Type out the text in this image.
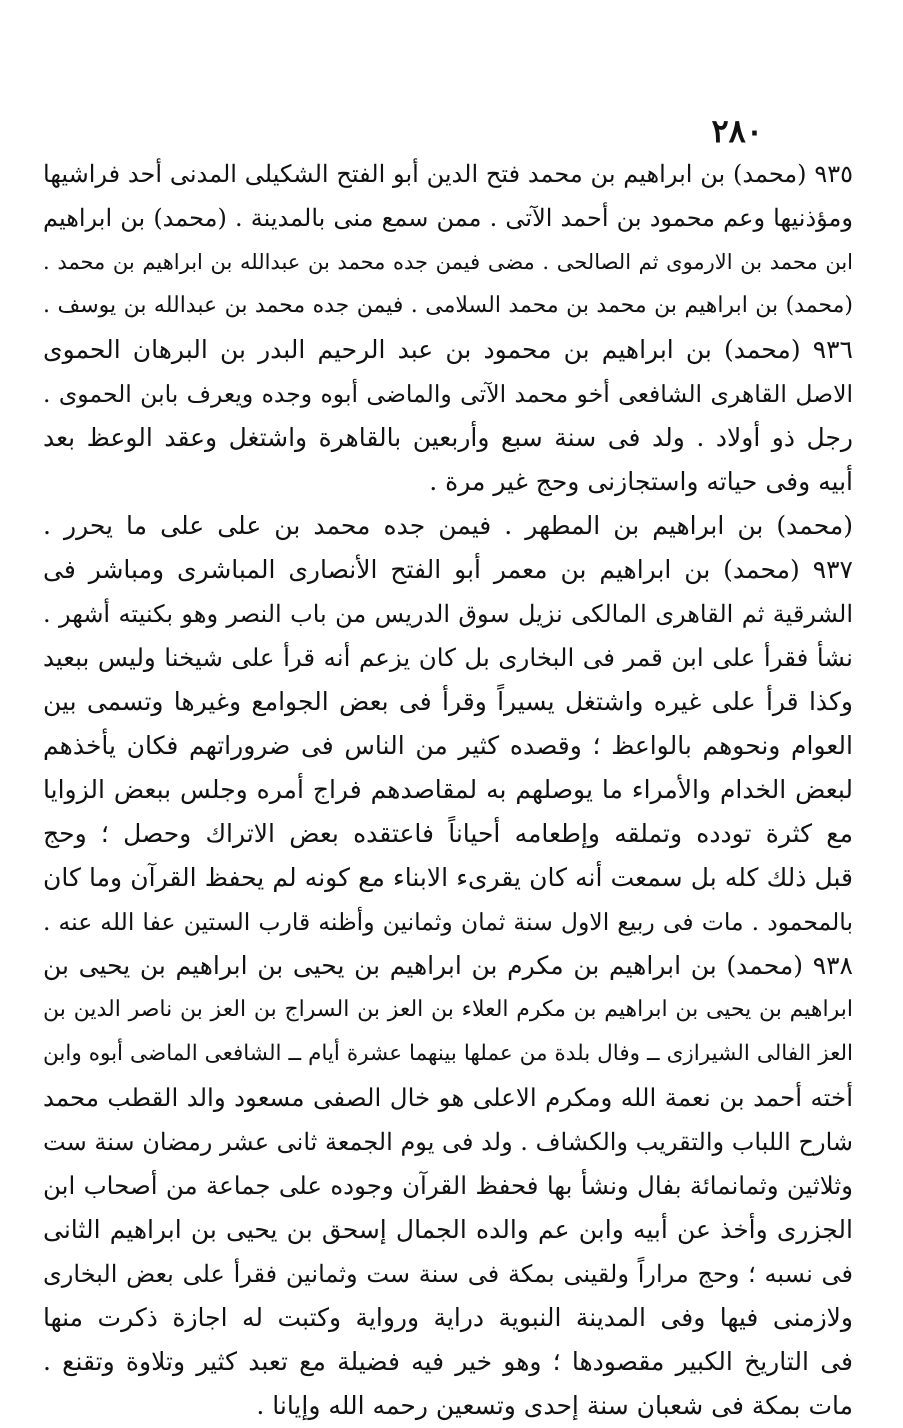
٢٨٠
٩٣٥ (محمد) بن ابراهيم بن محمد فتح الدين أبو الفتح الشكيلى المدنى أحد فراشيها
ومؤذنيها وعم محمود بن أحمد الآتى . ممن سمع منى بالمدينة . (محمد) بن ابراهيم
ابن محمد بن الارموى ثم الصالحى . مضى فيمن جده محمد بن عبدالله بن ابراهيم بن محمد .
(محمد) بن ابراهيم بن محمد بن محمد السلامى . فيمن جده محمد بن عبدالله بن يوسف .
٩٣٦ (محمد) بن ابراهيم بن محمود بن عبد الرحيم البدر بن البرهان الحموى
الاصل القاهرى الشافعى أخو محمد الآتى والماضى أبوه وجده ويعرف بابن الحموى .
رجل ذو أولاد . ولد فى سنة سبع وأربعين بالقاهرة واشتغل وعقد الوعظ بعد
أبيه وفى حياته واستجازنى وحج غير مرة .
(محمد) بن ابراهيم بن المطهر . فيمن جده محمد بن على على ما يحرر .
٩٣٧ (محمد) بن ابراهيم بن معمر أبو الفتح الأنصارى المباشرى ومباشر فى
الشرقية ثم القاهرى المالكى نزيل سوق الدريس من باب النصر وهو بكنيته أشهر .
نشأ فقرأ على ابن قمر فى البخارى بل كان يزعم أنه قرأ على شيخنا وليس ببعيد
وكذا قرأ على غيره واشتغل يسيراً وقرأ فى بعض الجوامع وغيرها وتسمى بين
العوام ونحوهم بالواعظ ؛ وقصده كثير من الناس فى ضروراتهم فكان يأخذهم
لبعض الخدام والأمراء ما يوصلهم به لمقاصدهم فراج أمره وجلس ببعض الزوايا
مع كثرة تودده وتملقه وإطعامه أحياناً فاعتقده بعض الاتراك وحصل ؛ وحج
قبل ذلك كله بل سمعت أنه كان يقرىء الابناء مع كونه لم يحفظ القرآن وما كان
بالمحمود . مات فى ربيع الاول سنة ثمان وثمانين وأظنه قارب الستين عفا الله عنه .
٩٣٨ (محمد) بن ابراهيم بن مكرم بن ابراهيم بن يحيى بن ابراهيم بن يحيى بن
ابراهيم بن يحيى بن ابراهيم بن مكرم العلاء بن العز بن السراج بن العز بن ناصر الدين بن
العز الفالى الشيرازى ــ وفال بلدة من عملها بينهما عشرة أيام ــ الشافعى الماضى أبوه وابن
أخته أحمد بن نعمة الله ومكرم الاعلى هو خال الصفى مسعود والد القطب محمد
شارح اللباب والتقريب والكشاف . ولد فى يوم الجمعة ثانى عشر رمضان سنة ست
وثلاثين وثمانمائة بفال ونشأ بها فحفظ القرآن وجوده على جماعة من أصحاب ابن
الجزرى وأخذ عن أبيه وابن عم والده الجمال إسحق بن يحيى بن ابراهيم الثانى
فى نسبه ؛ وحج مراراً ولقينى بمكة فى سنة ست وثمانين فقرأ على بعض البخارى
ولازمنى فيها وفى المدينة النبوية دراية ورواية وكتبت له اجازة ذكرت منها
فى التاريخ الكبير مقصودها ؛ وهو خير فيه فضيلة مع تعبد كثير وتلاوة وتقنع .
مات بمكة فى شعبان سنة إحدى وتسعين رحمه الله وإيانا .
